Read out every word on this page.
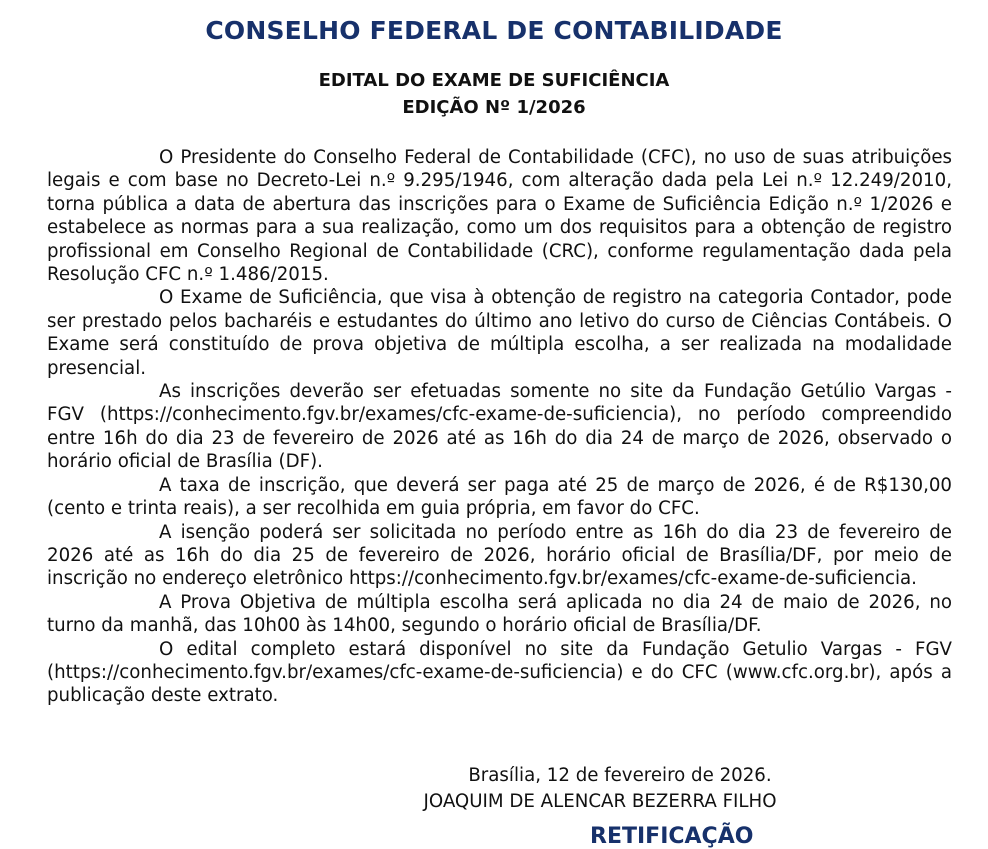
CONSELHO FEDERAL DE CONTABILIDADE
EDITAL DO EXAME DE SUFICIÊNCIA
EDIÇÃO Nº 1/2026

O Presidente do Conselho Federal de Contabilidade (CFC), no uso de suas atribuições legais e com base no Decreto-Lei n.º 9.295/1946, com alteração dada pela Lei n.º 12.249/2010, torna pública a data de abertura das inscrições para o Exame de Suficiência Edição n.º 1/2026 e estabelece as normas para a sua realização, como um dos requisitos para a obtenção de registro profissional em Conselho Regional de Contabilidade (CRC), conforme regulamentação dada pela Resolução CFC n.º 1.486/2015.

O Exame de Suficiência, que visa à obtenção de registro na categoria Contador, pode ser prestado pelos bacharéis e estudantes do último ano letivo do curso de Ciências Contábeis. O Exame será constituído de prova objetiva de múltipla escolha, a ser realizada na modalidade presencial.

As inscrições deverão ser efetuadas somente no site da Fundação Getúlio Vargas - FGV (https://conhecimento.fgv.br/exames/cfc-exame-de-suficiencia), no período compreendido entre 16h do dia 23 de fevereiro de 2026 até as 16h do dia 24 de março de 2026, observado o horário oficial de Brasília (DF).

A taxa de inscrição, que deverá ser paga até 25 de março de 2026, é de R$130,00 (cento e trinta reais), a ser recolhida em guia própria, em favor do CFC.

A isenção poderá ser solicitada no período entre as 16h do dia 23 de fevereiro de 2026 até as 16h do dia 25 de fevereiro de 2026, horário oficial de Brasília/DF, por meio de inscrição no endereço eletrônico https://conhecimento.fgv.br/exames/cfc-exame-de-suficiencia.

A Prova Objetiva de múltipla escolha será aplicada no dia 24 de maio de 2026, no turno da manhã, das 10h00 às 14h00, segundo o horário oficial de Brasília/DF.

O edital completo estará disponível no site da Fundação Getulio Vargas - FGV (https://conhecimento.fgv.br/exames/cfc-exame-de-suficiencia) e do CFC (www.cfc.org.br), após a publicação deste extrato.

Brasília, 12 de fevereiro de 2026.
JOAQUIM DE ALENCAR BEZERRA FILHO
RETIFICAÇÃO
